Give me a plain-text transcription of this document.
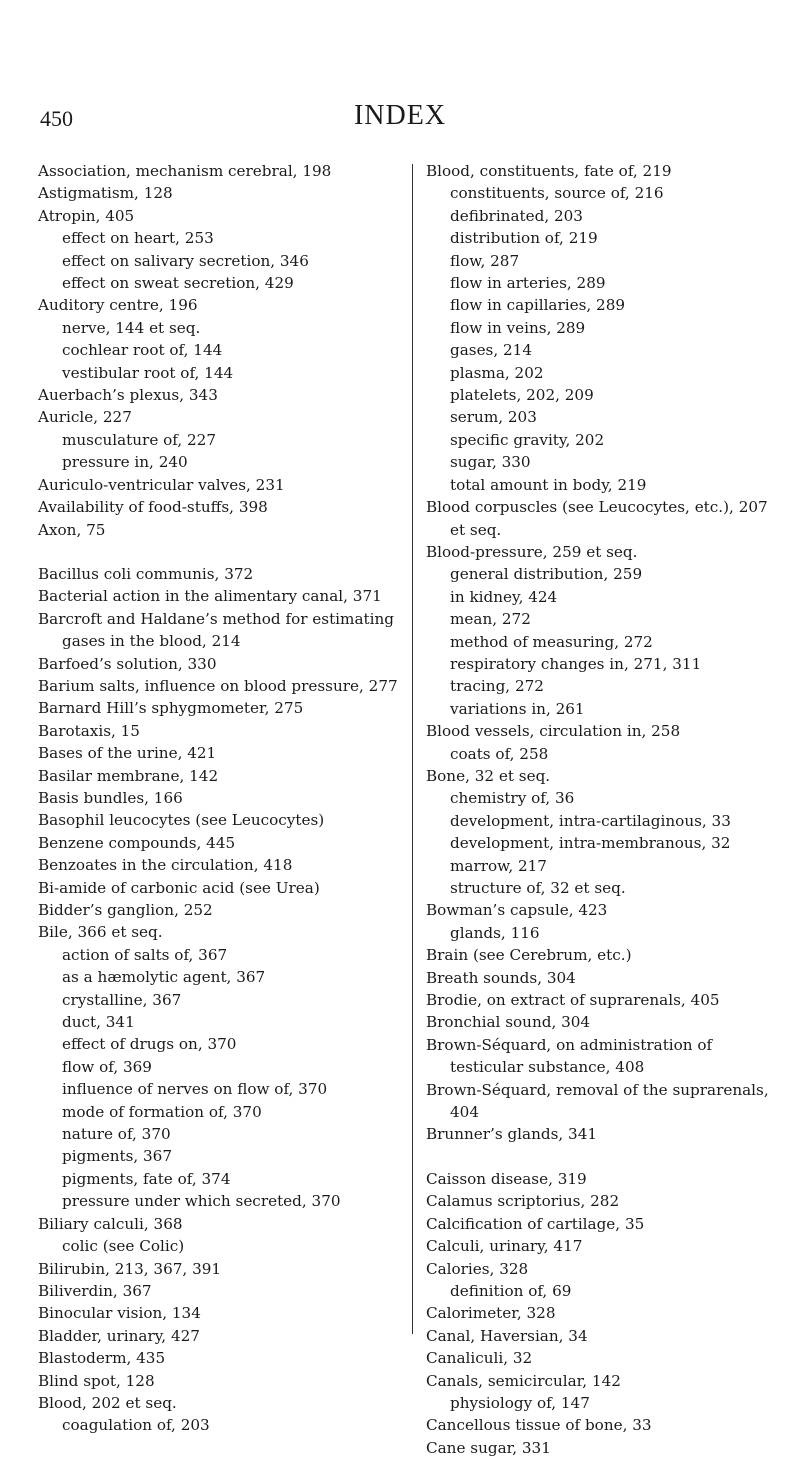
450	INDEX
Association, mechanism cerebral, 198
Astigmatism, 128
Atropin, 405
effect on heart, 253
effect on salivary secretion, 346
effect on sweat secretion, 429
Auditory centre, 196
nerve, 144 et seq.
cochlear root of, 144
vestibular root of, 144
Auerbach’s plexus, 343
Auricle, 227
musculature of, 227
pressure in, 240
Auriculo-ventricular valves, 231
Availability of food-stuffs, 398
Axon, 75
Bacillus coli communis, 372
Bacterial action in the alimentary canal, 371
Barcroft and Haldane’s method for estimating gases in the blood, 214
Barfoed’s solution, 330
Barium salts, influence on blood pressure, 277
Barnard Hill’s sphygmometer, 275
Barotaxis, 15
Bases of the urine, 421
Basilar membrane, 142
Basis bundles, 166
Basophil leucocytes (see Leucocytes)
Benzene compounds, 445
Benzoates in the circulation, 418
Bi-amide of carbonic acid (see Urea)
Bidder’s ganglion, 252
Bile, 366 et seq.
action of salts of, 367
as a hæmolytic agent, 367
crystalline, 367
duct, 341
effect of drugs on, 370
flow of, 369
influence of nerves on flow of, 370
mode of formation of, 370
nature of, 370
pigments, 367
pigments, fate of, 374
pressure under which secreted, 370
Biliary calculi, 368
colic (see Colic)
Bilirubin, 213, 367, 391
Biliverdin, 367
Binocular vision, 134
Bladder, urinary, 427
Blastoderm, 435
Blind spot, 128
Blood, 202 et seq.
coagulation of, 203
Blood, constituents, fate of, 219
constituents, source of, 216
defibrinated, 203
distribution of, 219
flow, 287
flow in arteries, 289
flow in capillaries, 289
flow in veins, 289
gases, 214
plasma, 202
platelets, 202, 209
serum, 203
specific gravity, 202
sugar, 330
total amount in body, 219
Blood corpuscles (see Leucocytes, etc.), 207 et seq.
Blood-pressure, 259 et seq.
general distribution, 259
in kidney, 424
mean, 272
method of measuring, 272
respiratory changes in, 271, 311
tracing, 272
variations in, 261
Blood vessels, circulation in, 258
coats of, 258
Bone, 32 et seq.
chemistry of, 36
development, intra-cartilaginous, 33
development, intra-membranous, 32
marrow, 217
structure of, 32 et seq.
Bowman’s capsule, 423
glands, 116
Brain (see Cerebrum, etc.)
Breath sounds, 304
Brodie, on extract of suprarenals, 405
Bronchial sound, 304
Brown-Séquard, on administration of testicular substance, 408
Brown-Séquard, removal of the suprarenals, 404
Brunner’s glands, 341
Caisson disease, 319
Calamus scriptorius, 282
Calcification of cartilage, 35
Calculi, urinary, 417
Calories, 328
definition of, 69
Calorimeter, 328
Canal, Haversian, 34
Canaliculi, 32
Canals, semicircular, 142
physiology of, 147
Cancellous tissue of bone, 33
Cane sugar, 331
